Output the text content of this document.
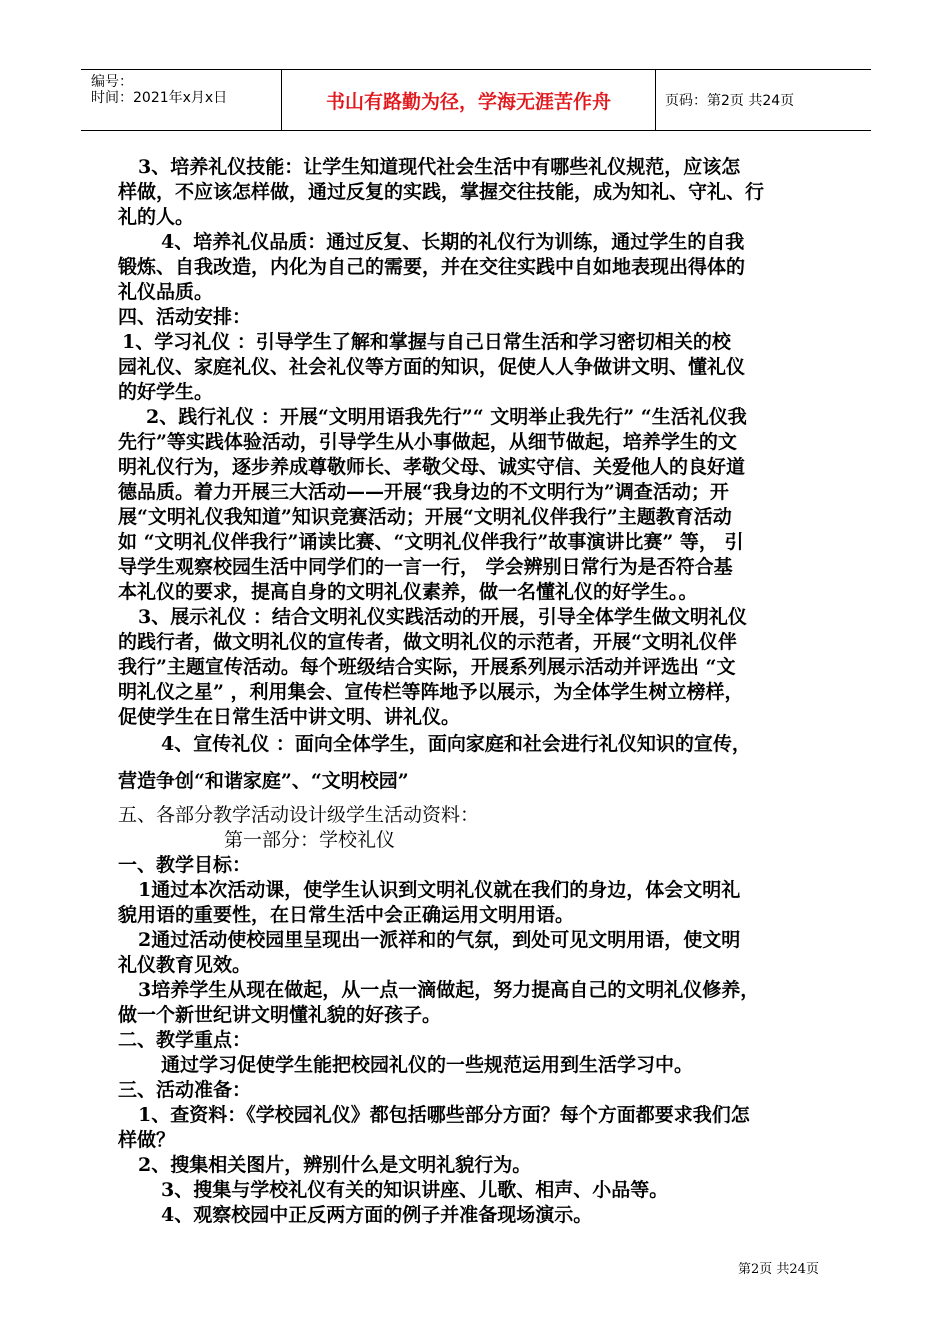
编号：
时间：2021年x月x日	书山有路勤为径，学海无涯苦作舟	页码：第2页 共24页
3、培养礼仪技能：让学生知道现代社会生活中有哪些礼仪规范，应该怎
样做，不应该怎样做，通过反复的实践，掌握交往技能，成为知礼、守礼、行
礼的人。
4、培养礼仪品质：通过反复、长期的礼仪行为训练，通过学生的自我
锻炼、自我改造，内化为自己的需要，并在交往实践中自如地表现出得体的
礼仪品质。
四、活动安排：
1、学习礼仪 ：引导学生了解和掌握与自己日常生活和学习密切相关的校
园礼仪、家庭礼仪、社会礼仪等方面的知识，促使人人争做讲文明、懂礼仪
的好学生。
2、践行礼仪 ：开展“文明用语我先行”“ 文明举止我先行” “生活礼仪我
先行”等实践体验活动，引导学生从小事做起，从细节做起，培养学生的文
明礼仪行为，逐步养成尊敬师长、孝敬父母、诚实守信、关爱他人的良好道
德品质。着力开展三大活动——开展“我身边的不文明行为”调查活动；开
展“文明礼仪我知道”知识竞赛活动；开展“文明礼仪伴我行”主题教育活动
如 “文明礼仪伴我行”诵读比赛、“文明礼仪伴我行”故事演讲比赛” 等， 引
导学生观察校园生活中同学们的一言一行， 学会辨别日常行为是否符合基
本礼仪的要求，提高自身的文明礼仪素养，做一名懂礼仪的好学生。。
3、展示礼仪 ：结合文明礼仪实践活动的开展，引导全体学生做文明礼仪
的践行者，做文明礼仪的宣传者，做文明礼仪的示范者，开展“文明礼仪伴
我行”主题宣传活动。每个班级结合实际，开展系列展示活动并评选出 “文
明礼仪之星” ，利用集会、宣传栏等阵地予以展示，为全体学生树立榜样，
促使学生在日常生活中讲文明、讲礼仪。
4、宣传礼仪 ：面向全体学生，面向家庭和社会进行礼仪知识的宣传，
营造争创“和谐家庭”、“文明校园”
五、各部分教学活动设计级学生活动资料：
第一部分：学校礼仪
一、教学目标：
1通过本次活动课，使学生认识到文明礼仪就在我们的身边，体会文明礼
貌用语的重要性，在日常生活中会正确运用文明用语。
2通过活动使校园里呈现出一派祥和的气氛，到处可见文明用语，使文明
礼仪教育见效。
3培养学生从现在做起，从一点一滴做起，努力提高自己的文明礼仪修养，
做一个新世纪讲文明懂礼貌的好孩子。
二、教学重点：
通过学习促使学生能把校园礼仪的一些规范运用到生活学习中。
三、活动准备：
1、查资料：《学校园礼仪》都包括哪些部分方面？每个方面都要求我们怎
样做？
2、搜集相关图片，辨别什么是文明礼貌行为。
3、搜集与学校礼仪有关的知识讲座、儿歌、相声、小品等。
4、观察校园中正反两方面的例子并准备现场演示。
第2页 共24页
